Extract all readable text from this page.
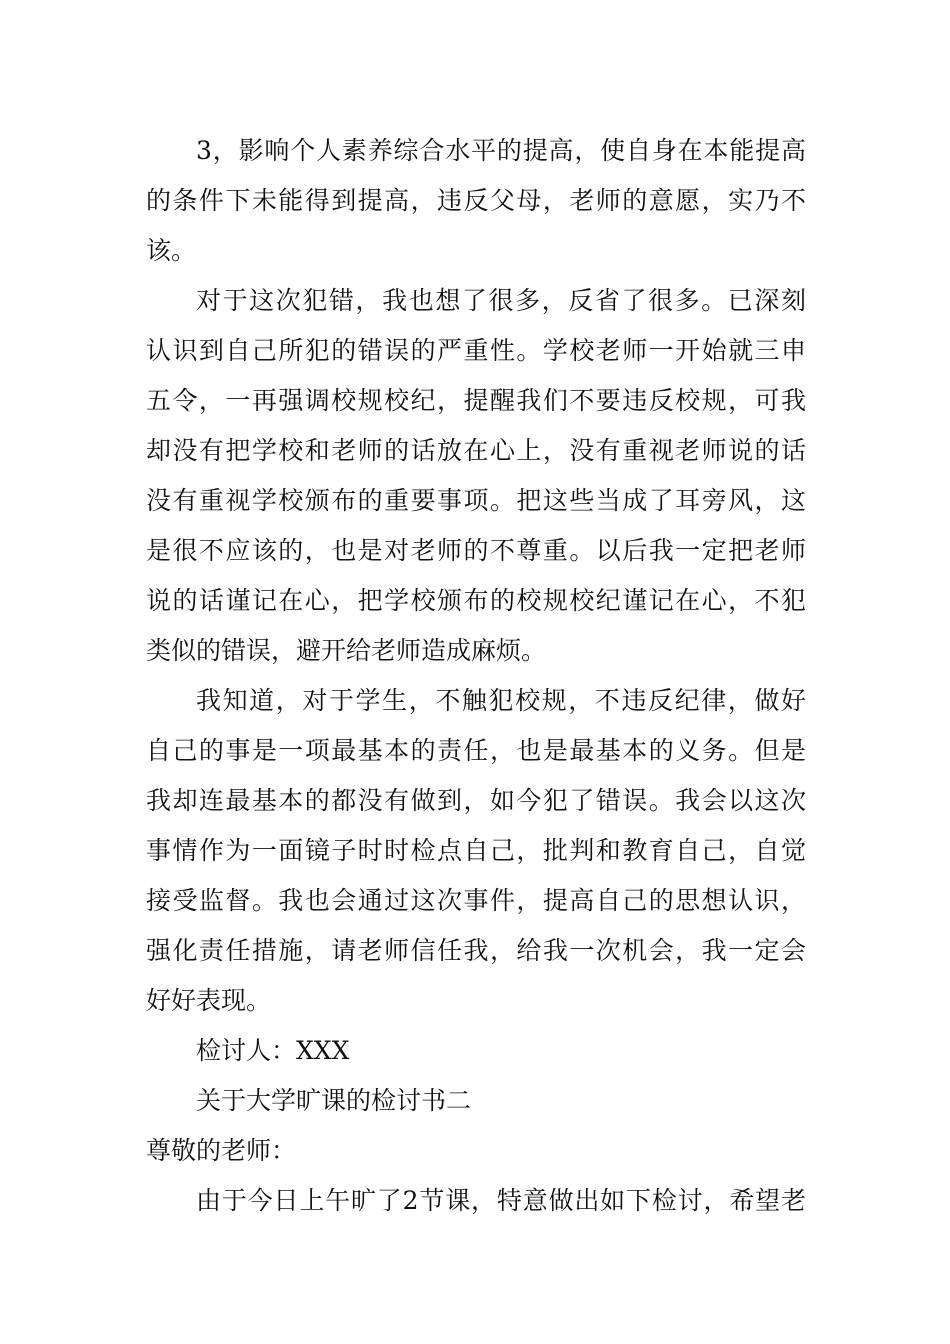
3，影响个人素养综合水平的提高，使自身在本能提高
的条件下未能得到提高，违反父母，老师的意愿，实乃不
该。
对于这次犯错，我也想了很多，反省了很多。已深刻
认识到自己所犯的错误的严重性。学校老师一开始就三申
五令，一再强调校规校纪，提醒我们不要违反校规，可我
却没有把学校和老师的话放在心上，没有重视老师说的话
没有重视学校颁布的重要事项。把这些当成了耳旁风，这
是很不应该的，也是对老师的不尊重。以后我一定把老师
说的话谨记在心，把学校颁布的校规校纪谨记在心，不犯
类似的错误，避开给老师造成麻烦。
我知道，对于学生，不触犯校规，不违反纪律，做好
自己的事是一项最基本的责任，也是最基本的义务。但是
我却连最基本的都没有做到，如今犯了错误。我会以这次
事情作为一面镜子时时检点自己，批判和教育自己，自觉
接受监督。我也会通过这次事件，提高自己的思想认识，
强化责任措施，请老师信任我，给我一次机会，我一定会
好好表现。
检讨人：XXX
关于大学旷课的检讨书二
尊敬的老师：
由于今日上午旷了2节课，特意做出如下检讨，希望老
